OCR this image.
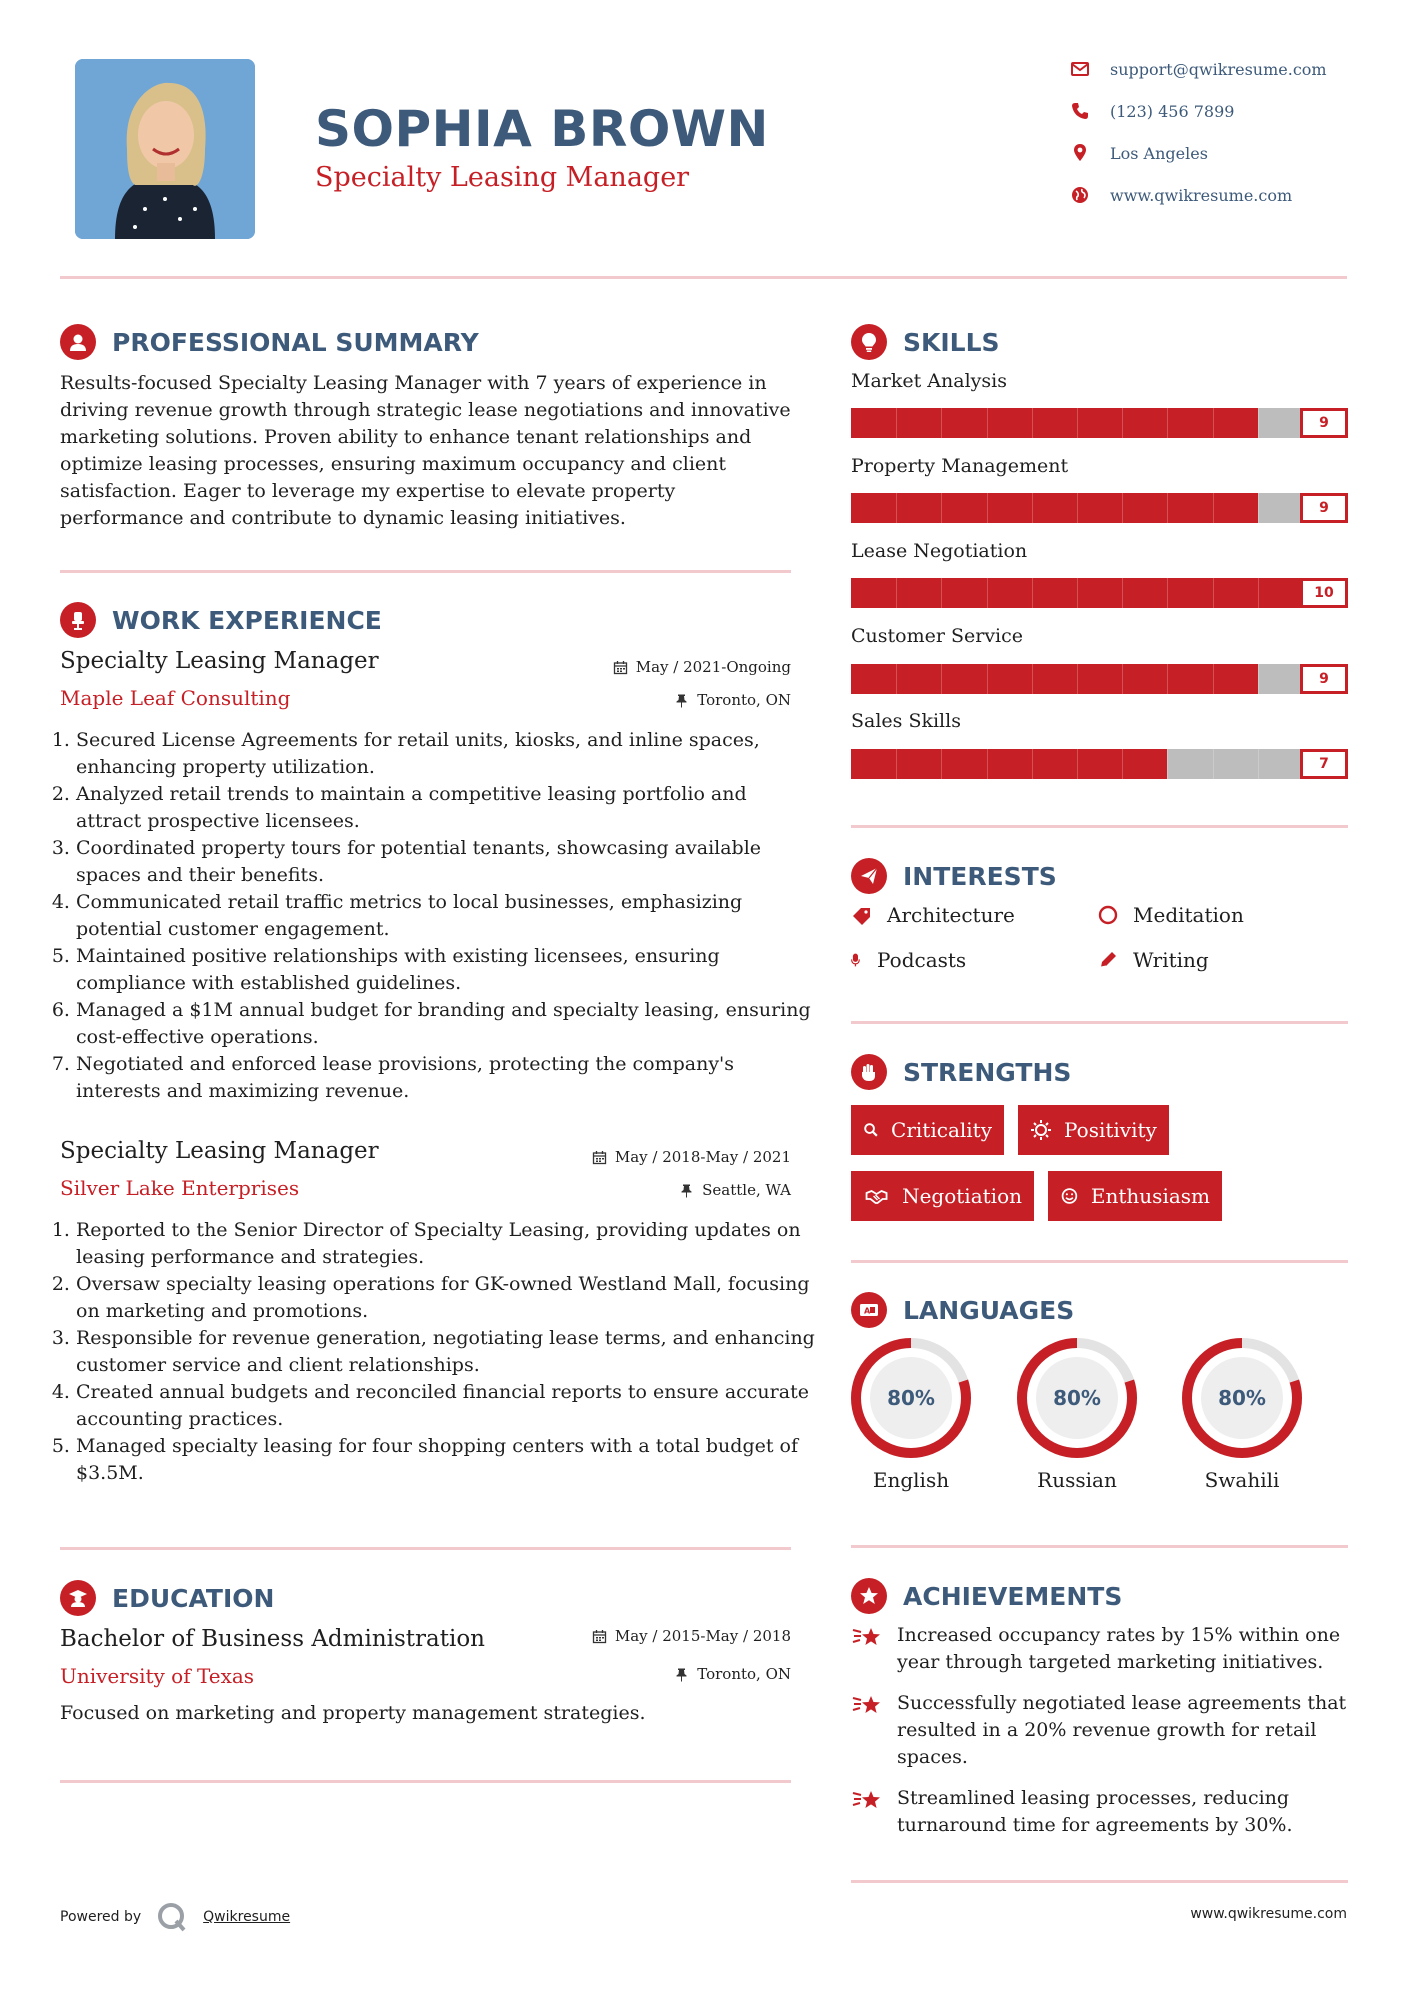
SOPHIA BROWN
Specialty Leasing Manager
support@qwikresume.com
(123) 456 7899
Los Angeles
www.qwikresume.com
PROFESSIONAL SUMMARY
Results-focused Specialty Leasing Manager with 7 years of experience in driving revenue growth through strategic lease negotiations and innovative marketing solutions. Proven ability to enhance tenant relationships and optimize leasing processes, ensuring maximum occupancy and client satisfaction. Eager to leverage my expertise to elevate property performance and contribute to dynamic leasing initiatives.
WORK EXPERIENCE
Specialty Leasing Manager	May / 2021-Ongoing
Maple Leaf Consulting	Toronto, ON
1. Secured License Agreements for retail units, kiosks, and inline spaces, enhancing property utilization.
2. Analyzed retail trends to maintain a competitive leasing portfolio and attract prospective licensees.
3. Coordinated property tours for potential tenants, showcasing available spaces and their benefits.
4. Communicated retail traffic metrics to local businesses, emphasizing potential customer engagement.
5. Maintained positive relationships with existing licensees, ensuring compliance with established guidelines.
6. Managed a $1M annual budget for branding and specialty leasing, ensuring cost-effective operations.
7. Negotiated and enforced lease provisions, protecting the company's interests and maximizing revenue.
Specialty Leasing Manager	May / 2018-May / 2021
Silver Lake Enterprises	Seattle, WA
1. Reported to the Senior Director of Specialty Leasing, providing updates on leasing performance and strategies.
2. Oversaw specialty leasing operations for GK-owned Westland Mall, focusing on marketing and promotions.
3. Responsible for revenue generation, negotiating lease terms, and enhancing customer service and client relationships.
4. Created annual budgets and reconciled financial reports to ensure accurate accounting practices.
5. Managed specialty leasing for four shopping centers with a total budget of $3.5M.
EDUCATION
Bachelor of Business Administration	May / 2015-May / 2018
University of Texas	Toronto, ON
Focused on marketing and property management strategies.
SKILLS
Market Analysis
9
Property Management
9
Lease Negotiation
10
Customer Service
9
Sales Skills
7
INTERESTS
Architecture	Meditation
Podcasts	Writing
STRENGTHS
Criticality	Positivity
Negotiation	Enthusiasm
A LANGUAGES
80%
English
80%
Russian
80%
Swahili
ACHIEVEMENTS
Increased occupancy rates by 15% within one year through targeted marketing initiatives.
Successfully negotiated lease agreements that resulted in a 20% revenue growth for retail spaces.
Streamlined leasing processes, reducing turnaround time for agreements by 30%.
Powered by	Qwikresume	www.qwikresume.com
